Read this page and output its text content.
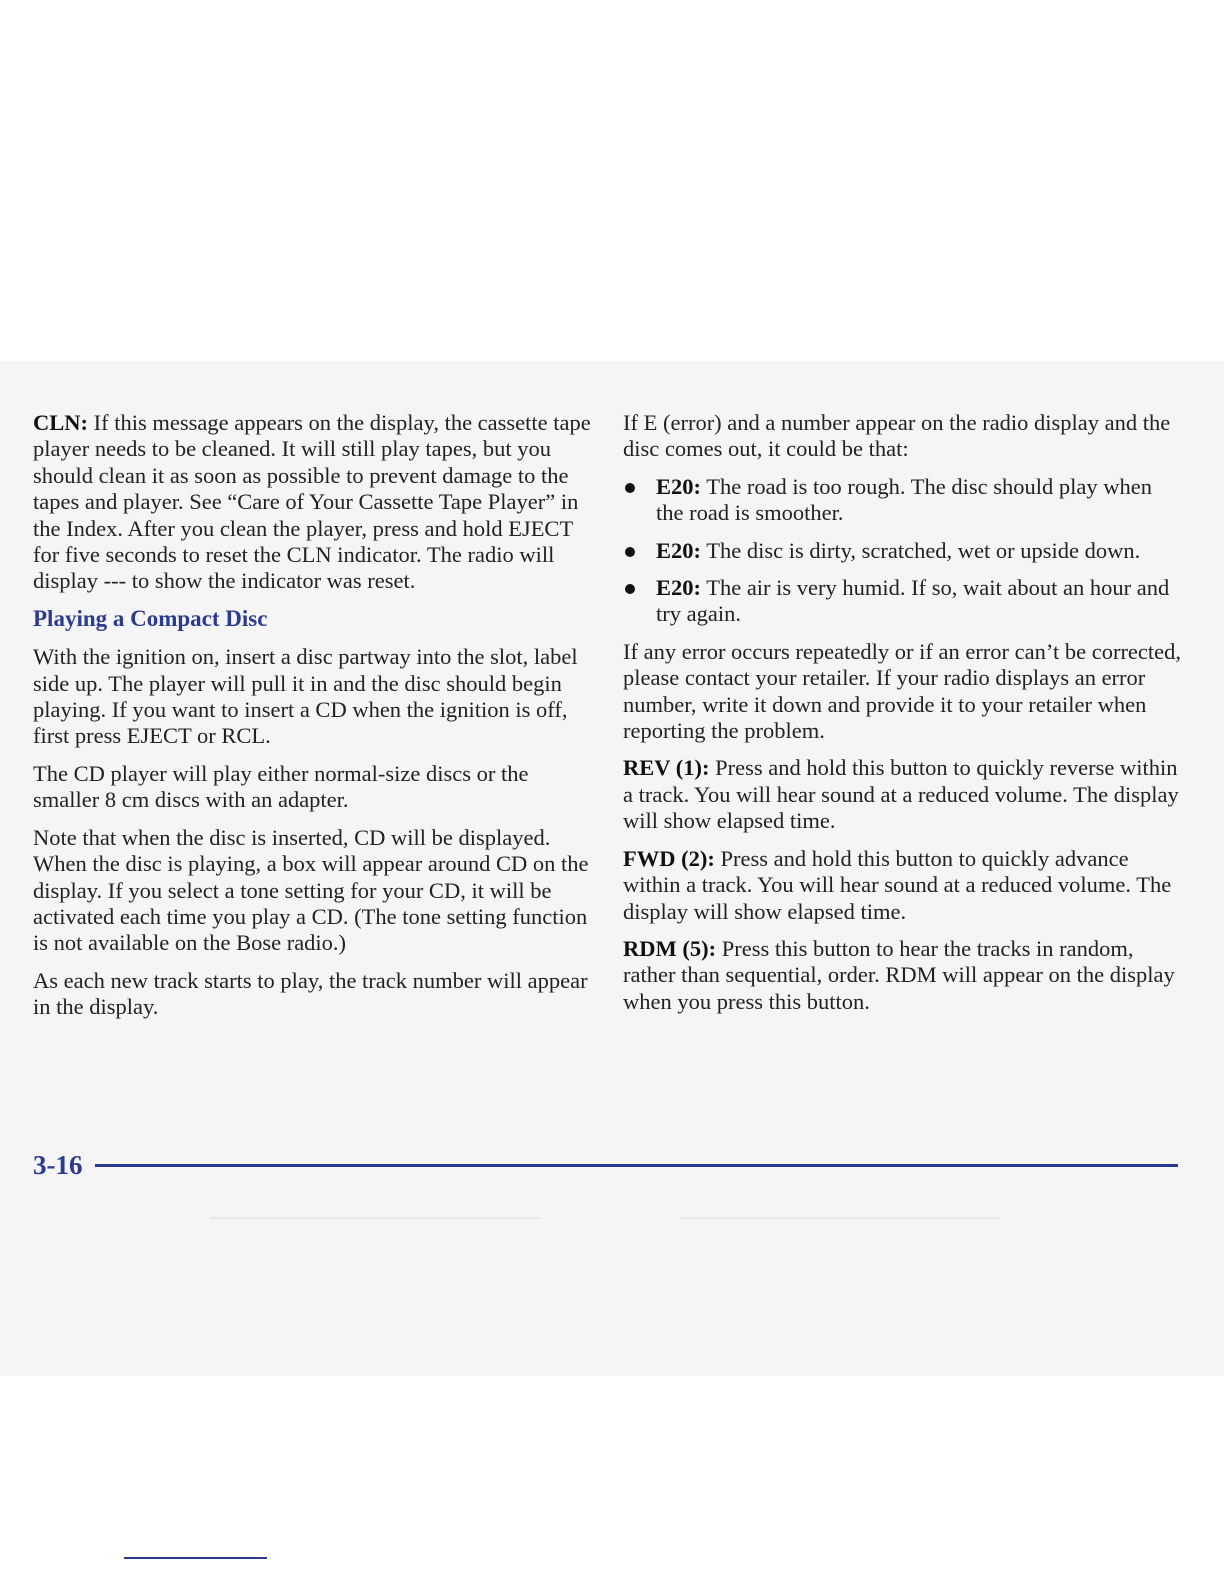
CLN: If this message appears on the display, the cassette tape player needs to be cleaned. It will still play tapes, but you should clean it as soon as possible to prevent damage to the tapes and player. See “Care of Your Cassette Tape Player” in the Index. After you clean the player, press and hold EJECT for five seconds to reset the CLN indicator. The radio will display --- to show the indicator was reset.

Playing a Compact Disc

With the ignition on, insert a disc partway into the slot, label side up. The player will pull it in and the disc should begin playing. If you want to insert a CD when the ignition is off, first press EJECT or RCL.

The CD player will play either normal-size discs or the smaller 8 cm discs with an adapter.

Note that when the disc is inserted, CD will be displayed. When the disc is playing, a box will appear around CD on the display. If you select a tone setting for your CD, it will be activated each time you play a CD. (The tone setting function is not available on the Bose radio.)

As each new track starts to play, the track number will appear in the display.

If E (error) and a number appear on the radio display and the disc comes out, it could be that:

E20: The road is too rough. The disc should play when the road is smoother.
E20: The disc is dirty, scratched, wet or upside down.
E20: The air is very humid. If so, wait about an hour and try again.

If any error occurs repeatedly or if an error can’t be corrected, please contact your retailer. If your radio displays an error number, write it down and provide it to your retailer when reporting the problem.

REV (1): Press and hold this button to quickly reverse within a track. You will hear sound at a reduced volume. The display will show elapsed time.

FWD (2): Press and hold this button to quickly advance within a track. You will hear sound at a reduced volume. The display will show elapsed time.

RDM (5): Press this button to hear the tracks in random, rather than sequential, order. RDM will appear on the display when you press this button.

3-16
